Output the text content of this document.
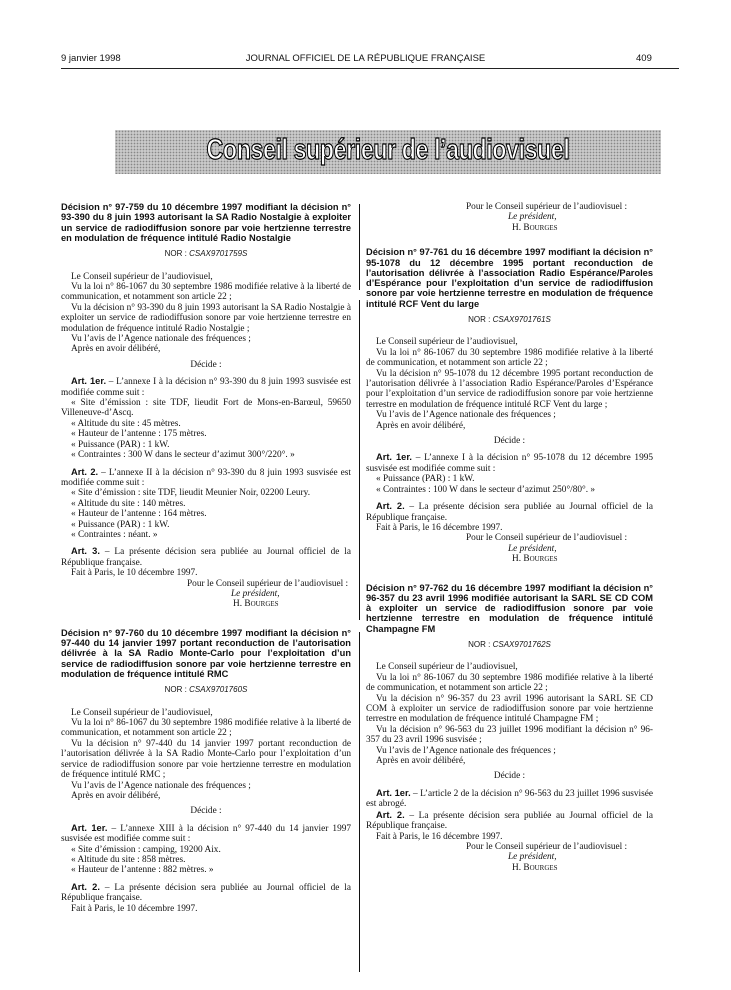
9 janvier 1998	JOURNAL OFFICIEL DE LA RÉPUBLIQUE FRANÇAISE	409
Conseil supérieur de l’audiovisuel

Décision n° 97-759 du 10 décembre 1997 modifiant la décision n° 93-390 du 8 juin 1993 autorisant la SA Radio Nostalgie à exploiter un service de radiodiffusion sonore par voie hertzienne terrestre en modulation de fréquence intitulé Radio Nostalgie

NOR : CSAX9701759S

Le Conseil supérieur de l’audiovisuel,

Vu la loi n° 86-1067 du 30 septembre 1986 modifiée relative à la liberté de communication, et notamment son article 22 ;

Vu la décision n° 93-390 du 8 juin 1993 autorisant la SA Radio Nostalgie à exploiter un service de radiodiffusion sonore par voie hertzienne terrestre en modulation de fréquence intitulé Radio Nostalgie ;

Vu l’avis de l’Agence nationale des fréquences ;

Après en avoir délibéré,

Décide :

Art. 1er. – L’annexe I à la décision n° 93-390 du 8 juin 1993 susvisée est modifiée comme suit :

« Site d’émission : site TDF, lieudit Fort de Mons-en-Barœul, 59650 Villeneuve-d’Ascq.

« Altitude du site : 45 mètres.

« Hauteur de l’antenne : 175 mètres.

« Puissance (PAR) : 1 kW.

« Contraintes : 300 W dans le secteur d’azimut 300°/220°. »

Art. 2. – L’annexe II à la décision n° 93-390 du 8 juin 1993 susvisée est modifiée comme suit :

« Site d’émission : site TDF, lieudit Meunier Noir, 02200 Leury.

« Altitude du site : 140 mètres.

« Hauteur de l’antenne : 164 mètres.

« Puissance (PAR) : 1 kW.

« Contraintes : néant. »

Art. 3. – La présente décision sera publiée au Journal officiel de la République française.

Fait à Paris, le 10 décembre 1997.

Pour le Conseil supérieur de l’audiovisuel :

Le président,

H. Bourges

Décision n° 97-760 du 10 décembre 1997 modifiant la décision n° 97-440 du 14 janvier 1997 portant reconduction de l’autorisation délivrée à la SA Radio Monte-Carlo pour l’exploitation d’un service de radiodiffusion sonore par voie hertzienne terrestre en modulation de fréquence intitulé RMC

NOR : CSAX9701760S

Le Conseil supérieur de l’audiovisuel,

Vu la loi n° 86-1067 du 30 septembre 1986 modifiée relative à la liberté de communication, et notamment son article 22 ;

Vu la décision n° 97-440 du 14 janvier 1997 portant reconduction de l’autorisation délivrée à la SA Radio Monte-Carlo pour l’exploitation d’un service de radiodiffusion sonore par voie hertzienne terrestre en modulation de fréquence intitulé RMC ;

Vu l’avis de l’Agence nationale des fréquences ;

Après en avoir délibéré,

Décide :

Art. 1er. – L’annexe XIII à la décision n° 97-440 du 14 janvier 1997 susvisée est modifiée comme suit :

« Site d’émission : camping, 19200 Aix.

« Altitude du site : 858 mètres.

« Hauteur de l’antenne : 882 mètres. »

Art. 2. – La présente décision sera publiée au Journal officiel de la République française.

Fait à Paris, le 10 décembre 1997.

Pour le Conseil supérieur de l’audiovisuel :

Le président,

H. Bourges

Décision n° 97-761 du 16 décembre 1997 modifiant la décision n° 95-1078 du 12 décembre 1995 portant reconduction de l’autorisation délivrée à l’association Radio Espérance/Paroles d’Espérance pour l’exploitation d’un service de radiodiffusion sonore par voie hertzienne terrestre en modulation de fréquence intitulé RCF Vent du large

NOR : CSAX9701761S

Le Conseil supérieur de l’audiovisuel,

Vu la loi n° 86-1067 du 30 septembre 1986 modifiée relative à la liberté de communication, et notamment son article 22 ;

Vu la décision n° 95-1078 du 12 décembre 1995 portant reconduction de l’autorisation délivrée à l’association Radio Espérance/Paroles d’Espérance pour l’exploitation d’un service de radiodiffusion sonore par voie hertzienne terrestre en modulation de fréquence intitulé RCF Vent du large ;

Vu l’avis de l’Agence nationale des fréquences ;

Après en avoir délibéré,

Décide :

Art. 1er. – L’annexe I à la décision n° 95-1078 du 12 décembre 1995 susvisée est modifiée comme suit :

« Puissance (PAR) : 1 kW.

« Contraintes : 100 W dans le secteur d’azimut 250°/80°. »

Art. 2. – La présente décision sera publiée au Journal officiel de la République française.

Fait à Paris, le 16 décembre 1997.

Pour le Conseil supérieur de l’audiovisuel :

Le président,

H. Bourges

Décision n° 97-762 du 16 décembre 1997 modifiant la décision n° 96-357 du 23 avril 1996 modifiée autorisant la SARL SE CD COM à exploiter un service de radiodiffusion sonore par voie hertzienne terrestre en modulation de fréquence intitulé Champagne FM

NOR : CSAX9701762S

Le Conseil supérieur de l’audiovisuel,

Vu la loi n° 86-1067 du 30 septembre 1986 modifiée relative à la liberté de communication, et notamment son article 22 ;

Vu la décision n° 96-357 du 23 avril 1996 autorisant la SARL SE CD COM à exploiter un service de radiodiffusion sonore par voie hertzienne terrestre en modulation de fréquence intitulé Champagne FM ;

Vu la décision n° 96-563 du 23 juillet 1996 modifiant la décision n° 96-357 du 23 avril 1996 susvisée ;

Vu l’avis de l’Agence nationale des fréquences ;

Après en avoir délibéré,

Décide :

Art. 1er. – L’article 2 de la décision n° 96-563 du 23 juillet 1996 susvisée est abrogé.

Art. 2. – La présente décision sera publiée au Journal officiel de la République française.

Fait à Paris, le 16 décembre 1997.

Pour le Conseil supérieur de l’audiovisuel :

Le président,

H. Bourges
